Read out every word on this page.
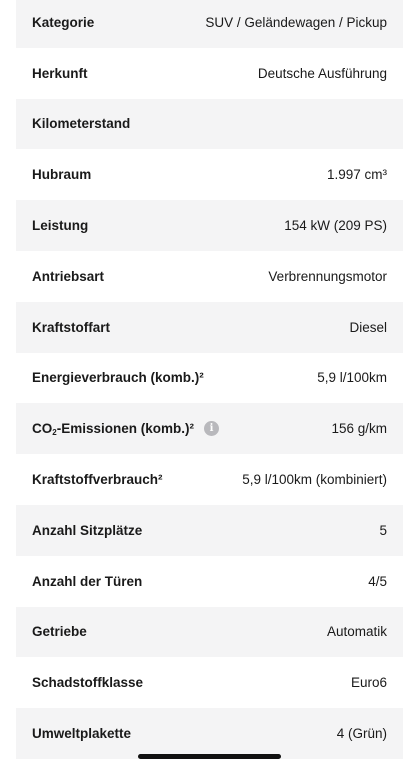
Kategorie	SUV / Geländewagen / Pickup
Herkunft	Deutsche Ausführung
Kilometerstand
Hubraum	1.997 cm³
Leistung	154 kW (209 PS)
Antriebsart	Verbrennungsmotor
Kraftstoffart	Diesel
Energieverbrauch (komb.)²	5,9 l/100km
CO 2 -Emissionen (komb.)²	i	156 g/km
Kraftstoffverbrauch²	5,9 l/100km (kombiniert)
Anzahl Sitzplätze	5
Anzahl der Türen	4/5
Getriebe	Automatik
Schadstoffklasse	Euro6
Umweltplakette	4 (Grün)
